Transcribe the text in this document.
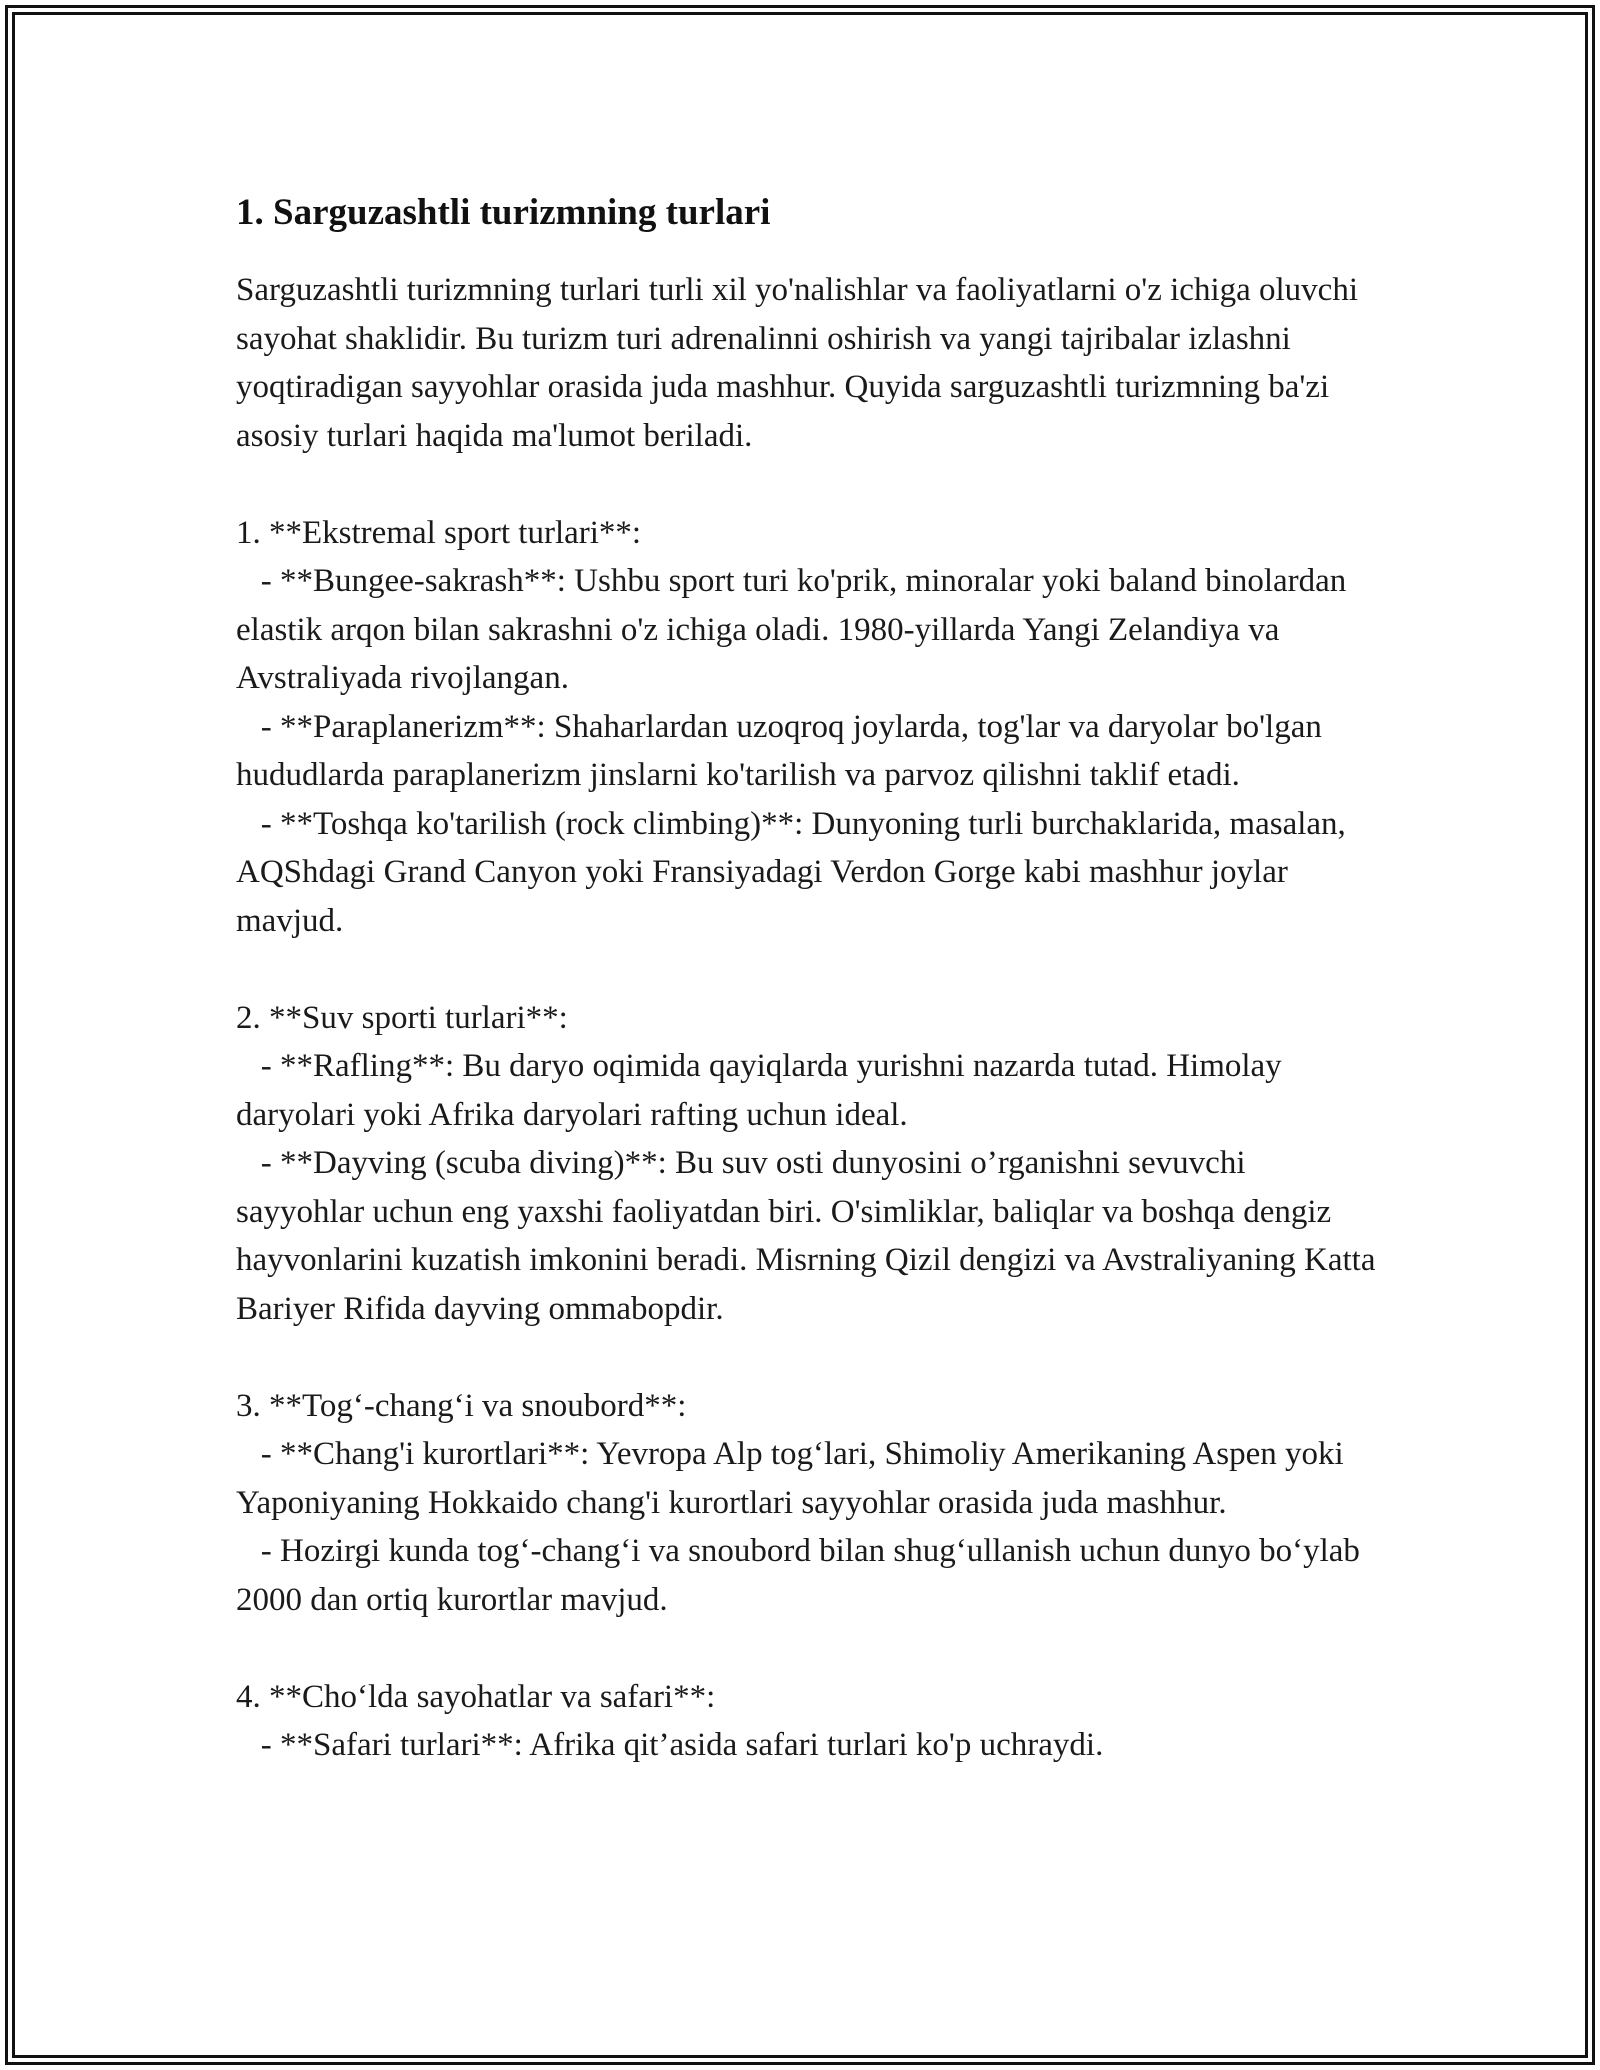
1. Sarguzashtli turizmning turlari

Sarguzashtli turizmning turlari turli xil yo'nalishlar va faoliyatlarni o'z ichiga oluvchi sayohat shaklidir. Bu turizm turi adrenalinni oshirish va yangi tajribalar izlashni yoqtiradigan sayyohlar orasida juda mashhur. Quyida sarguzashtli turizmning ba'zi asosiy turlari haqida ma'lumot beriladi.

1. **Ekstremal sport turlari**:

- **Bungee-sakrash**: Ushbu sport turi ko'prik, minoralar yoki baland binolardan elastik arqon bilan sakrashni o'z ichiga oladi. 1980-yillarda Yangi Zelandiya va Avstraliyada rivojlangan.

- **Paraplanerizm**: Shaharlardan uzoqroq joylarda, tog'lar va daryolar bo'lgan hududlarda paraplanerizm jinslarni ko'tarilish va parvoz qilishni taklif etadi.

- **Toshqa ko'tarilish (rock climbing)**: Dunyoning turli burchaklarida, masalan, AQShdagi Grand Canyon yoki Fransiyadagi Verdon Gorge kabi mashhur joylar mavjud.

2. **Suv sporti turlari**:

- **Rafling**: Bu daryo oqimida qayiqlarda yurishni nazarda tutad. Himolay daryolari yoki Afrika daryolari rafting uchun ideal.

- **Dayving (scuba diving)**: Bu suv osti dunyosini o’rganishni sevuvchi sayyohlar uchun eng yaxshi faoliyatdan biri. O'simliklar, baliqlar va boshqa dengiz hayvonlarini kuzatish imkonini beradi. Misrning Qizil dengizi va Avstraliyaning Katta Bariyer Rifida dayving ommabopdir.

3. **Tog‘-chang‘i va snoubord**:

- **Chang'i kurortlari**: Yevropa Alp tog‘lari, Shimoliy Amerikaning Aspen yoki Yaponiyaning Hokkaido chang'i kurortlari sayyohlar orasida juda mashhur.

- Hozirgi kunda tog‘-chang‘i va snoubord bilan shug‘ullanish uchun dunyo bo‘ylab 2000 dan ortiq kurortlar mavjud.

4. **Cho‘lda sayohatlar va safari**:

- **Safari turlari**: Afrika qit’asida safari turlari ko'p uchraydi.
